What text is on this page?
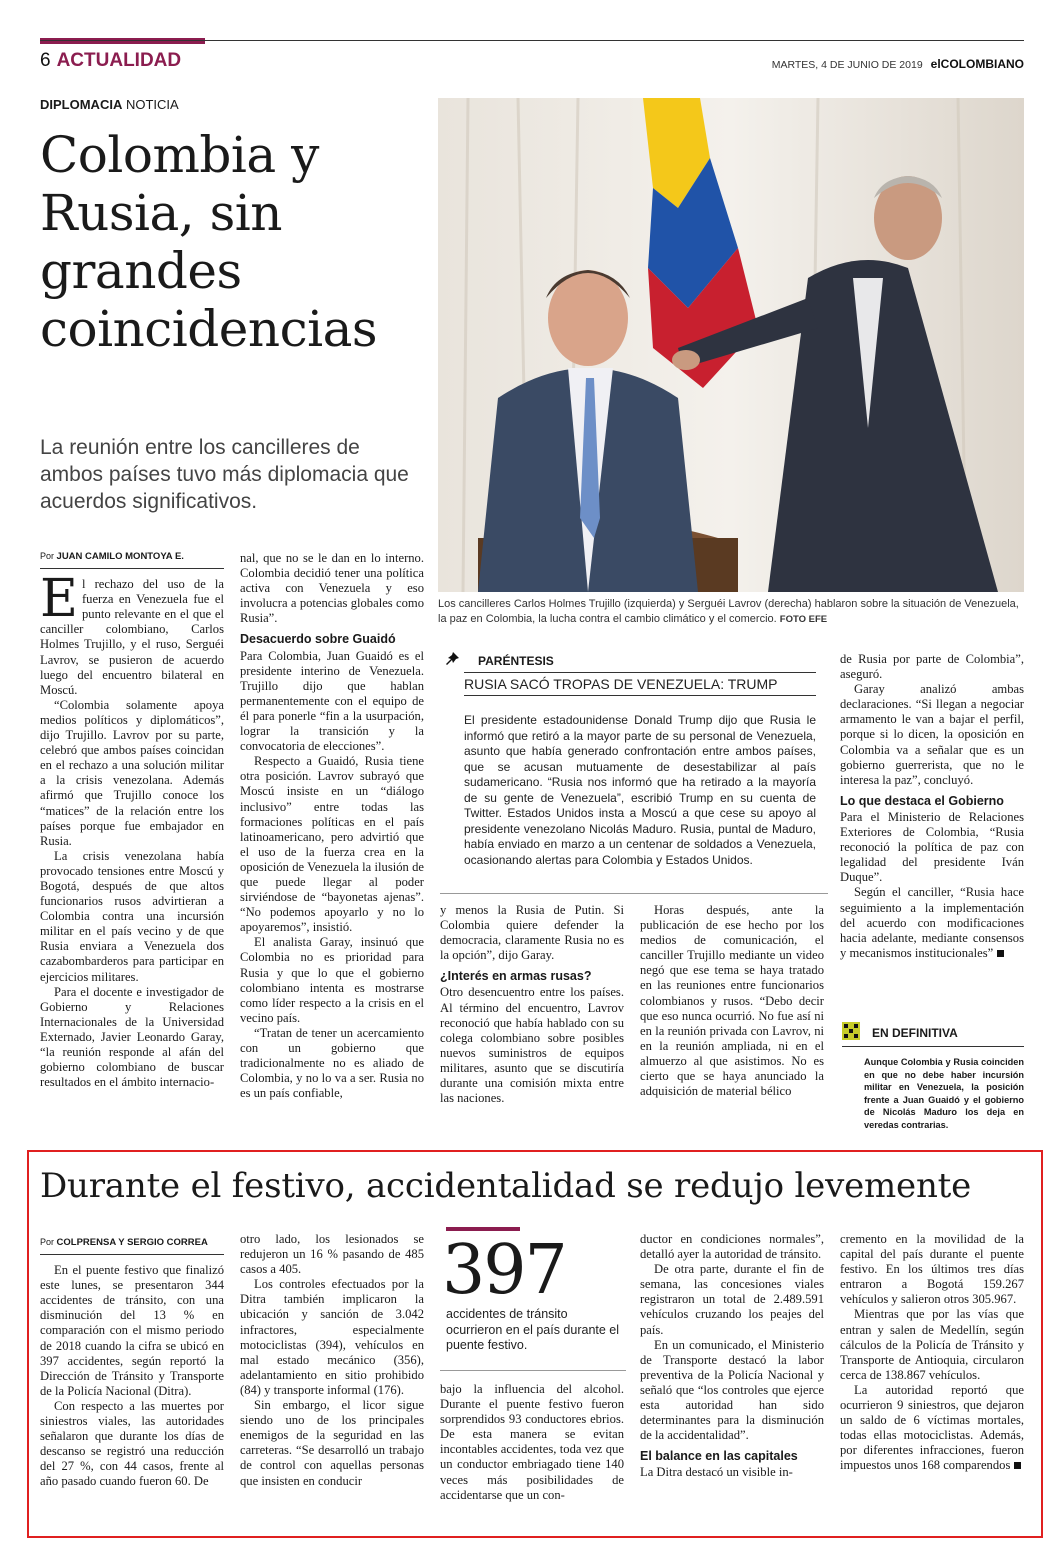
6 ACTUALIDAD	MARTES, 4 DE JUNIO DE 2019 elCOLOMBIANO
DIPLOMACIA NOTICIA
Colombia y Rusia, sin grandes coincidencias
La reunión entre los cancilleres de ambos países tuvo más diplomacia que acuerdos significativos.
Los cancilleres Carlos Holmes Trujillo (izquierda) y Serguéi Lavrov (derecha) hablaron sobre la situación de Venezuela, la paz en Colombia, la lucha contra el cambio climático y el comercio. FOTO EFE
Por JUAN CAMILO MONTOYA E.

El rechazo del uso de la fuerza en Venezuela fue el punto relevante en el que el canciller colombiano, Carlos Holmes Trujillo, y el ruso, Serguéi Lavrov, se pusieron de acuerdo luego del encuentro bilateral en Moscú.

“Colombia solamente apoya medios políticos y diplomáticos”, dijo Trujillo. Lavrov por su parte, celebró que ambos países coincidan en el rechazo a una solución militar a la crisis venezolana. Además afirmó que Trujillo conoce los “matices” de la relación entre los países porque fue embajador en Rusia.

La crisis venezolana había provocado tensiones entre Moscú y Bogotá, después de que altos funcionarios rusos advirtieran a Colombia contra una incursión militar en el país vecino y de que Rusia enviara a Venezuela dos cazabombarderos para participar en ejercicios militares.

Para el docente e investigador de Gobierno y Relaciones Internacionales de la Universidad Externado, Javier Leonardo Garay, “la reunión responde al afán del gobierno colombiano de buscar resultados en el ámbito internacio-

nal, que no se le dan en lo interno. Colombia decidió tener una política activa con Venezuela y eso involucra a potencias globales como Rusia”.

Desacuerdo sobre Guaidó

Para Colombia, Juan Guaidó es el presidente interino de Venezuela. Trujillo dijo que hablan permanentemente con el equipo de él para ponerle “fin a la usurpación, lograr la transición y la convocatoria de elecciones”.

Respecto a Guaidó, Rusia tiene otra posición. Lavrov subrayó que Moscú insiste en un “diálogo inclusivo” entre todas las formaciones políticas en el país latinoamericano, pero advirtió que el uso de la fuerza crea en la oposición de Venezuela la ilusión de que puede llegar al poder sirviéndose de “bayonetas ajenas”. “No podemos apoyarlo y no lo apoyaremos”, insistió.

El analista Garay, insinuó que Colombia no es prioridad para Rusia y que lo que el gobierno colombiano intenta es mostrarse como líder respecto a la crisis en el vecino país.

“Tratan de tener un acercamiento con un gobierno que tradicionalmente no es aliado de Colombia, y no lo va a ser. Rusia no es un país confiable,

PARÉNTESIS
RUSIA SACÓ TROPAS DE VENEZUELA: TRUMP
El presidente estadounidense Donald Trump dijo que Rusia le informó que retiró a la mayor parte de su personal de Venezuela, asunto que había generado confrontación entre ambos países, que se acusan mutuamente de desestabilizar al país sudamericano. “Rusia nos informó que ha retirado a la mayoría de su gente de Venezuela”, escribió Trump en su cuenta de Twitter. Estados Unidos insta a Moscú a que cese su apoyo al presidente venezolano Nicolás Maduro. Rusia, puntal de Maduro, había enviado en marzo a un centenar de soldados a Venezuela, ocasionando alertas para Colombia y Estados Unidos.

y menos la Rusia de Putin. Si Colombia quiere defender la democracia, claramente Rusia no es la opción”, dijo Garay.

¿Interés en armas rusas?

Otro desencuentro entre los países. Al término del encuentro, Lavrov reconoció que había hablado con su colega colombiano sobre posibles nuevos suministros de equipos militares, asunto que se discutiría durante una comisión mixta entre las naciones.

Horas después, ante la publicación de ese hecho por los medios de comunicación, el canciller Trujillo mediante un video negó que ese tema se haya tratado en las reuniones entre funcionarios colombianos y rusos. “Debo decir que eso nunca ocurrió. No fue así ni en la reunión privada con Lavrov, ni en la reunión ampliada, ni en el almuerzo al que asistimos. No es cierto que se haya anunciado la adquisición de material bélico

de Rusia por parte de Colombia”, aseguró.

Garay analizó ambas declaraciones. “Si llegan a negociar armamento le van a bajar el perfil, porque si lo dicen, la oposición en Colombia va a señalar que es un gobierno guerrerista, que no le interesa la paz”, concluyó.

Lo que destaca el Gobierno

Para el Ministerio de Relaciones Exteriores de Colombia, “Rusia reconoció la política de paz con legalidad del presidente Iván Duque”.

Según el canciller, “Rusia hace seguimiento a la implementación del acuerdo con modificaciones hacia adelante, mediante consensos y mecanismos institucionales”

EN DEFINITIVA
Aunque Colombia y Rusia coinciden en que no debe haber incursión militar en Venezuela, la posición frente a Juan Guaidó y el gobierno de Nicolás Maduro los deja en veredas contrarias.
Durante el festivo, accidentalidad se redujo levemente
Por COLPRENSA Y SERGIO CORREA

En el puente festivo que finalizó este lunes, se presentaron 344 accidentes de tránsito, con una disminución del 13 % en comparación con el mismo periodo de 2018 cuando la cifra se ubicó en 397 accidentes, según reportó la Dirección de Tránsito y Transporte de la Policía Nacional (Ditra).

Con respecto a las muertes por siniestros viales, las autoridades señalaron que durante los días de descanso se registró una reducción del 27 %, con 44 casos, frente al año pasado cuando fueron 60. De

otro lado, los lesionados se redujeron un 16 % pasando de 485 casos a 405.

Los controles efectuados por la Ditra también implicaron la ubicación y sanción de 3.042 infractores, especialmente motociclistas (394), vehículos en mal estado mecánico (356), adelantamiento en sitio prohibido (84) y transporte informal (176).

Sin embargo, el licor sigue siendo uno de los principales enemigos de la seguridad en las carreteras. “Se desarrolló un trabajo de control con aquellas personas que insisten en conducir

397
accidentes de tránsito ocurrieron en el país durante el puente festivo.

bajo la influencia del alcohol. Durante el puente festivo fueron sorprendidos 93 conductores ebrios. De esta manera se evitan incontables accidentes, toda vez que un conductor embriagado tiene 140 veces más posibilidades de accidentarse que un con-

ductor en condiciones normales”, detalló ayer la autoridad de tránsito.

De otra parte, durante el fin de semana, las concesiones viales registraron un total de 2.489.591 vehículos cruzando los peajes del país.

En un comunicado, el Ministerio de Transporte destacó la labor preventiva de la Policía Nacional y señaló que “los controles que ejerce esta autoridad han sido determinantes para la disminución de la accidentalidad”.

El balance en las capitales

La Ditra destacó un visible in-

cremento en la movilidad de la capital del país durante el puente festivo. En los últimos tres días entraron a Bogotá 159.267 vehículos y salieron otros 305.967.

Mientras que por las vías que entran y salen de Medellín, según cálculos de la Policía de Tránsito y Transporte de Antioquia, circularon cerca de 138.867 vehículos.

La autoridad reportó que ocurrieron 9 siniestros, que dejaron un saldo de 6 víctimas mortales, todas ellas motociclistas. Además, por diferentes infracciones, fueron impuestos unos 168 comparendos
